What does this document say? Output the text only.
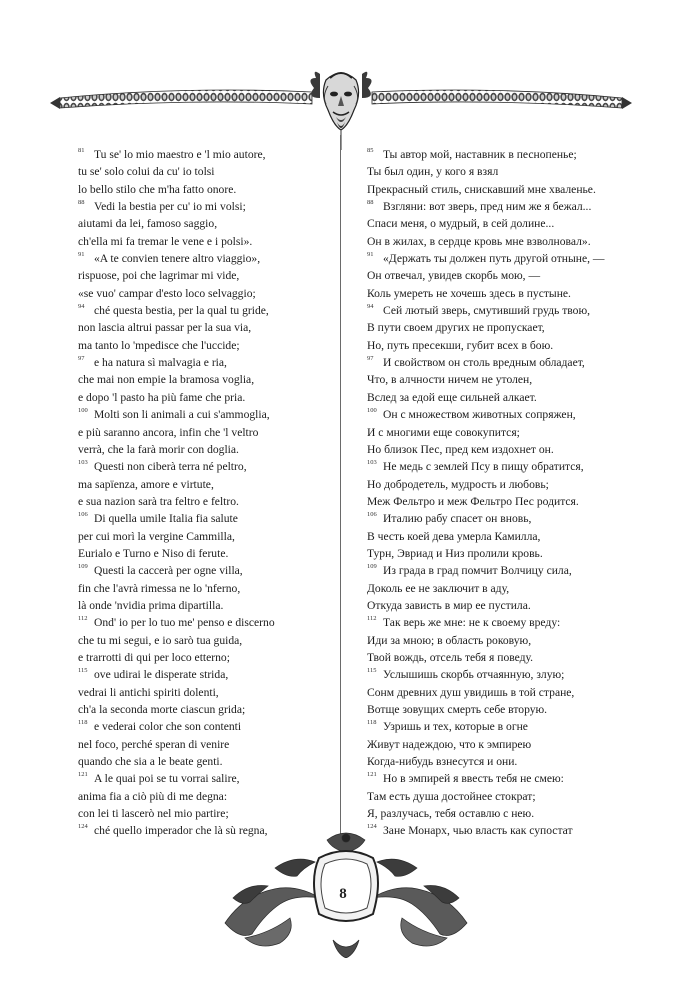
81 Tu se' lo mio maestro e 'l mio autore,
tu se' solo colui da cu' io tolsi
lo bello stilo che m'ha fatto onore.
88 Vedi la bestia per cu' io mi volsi;
aiutami da lei, famoso saggio,
ch'ella mi fa tremar le vene e i polsi».
91 «A te convien tenere altro viaggio»,
rispuose, poi che lagrimar mi vide,
«se vuo' campar d'esto loco selvaggio;
94 ché questa bestia, per la qual tu gride,
non lascia altrui passar per la sua via,
ma tanto lo 'mpedisce che l'uccide;
97 e ha natura sì malvagia e ria,
che mai non empie la bramosa voglia,
e dopo 'l pasto ha più fame che pria.
100 Molti son li animali a cui s'ammoglia,
e più saranno ancora, infin che 'l veltro
verrà, che la farà morir con doglia.
103 Questi non ciberà terra né peltro,
ma sapïenza, amore e virtute,
e sua nazion sarà tra feltro e feltro.
106 Di quella umile Italia fia salute
per cui morì la vergine Cammilla,
Eurialo e Turno e Niso di ferute.
109 Questi la caccerà per ogne villa,
fin che l'avrà rimessa ne lo 'nferno,
là onde 'nvidia prima dipartilla.
112 Ond' io per lo tuo me' penso e discerno
che tu mi segui, e io sarò tua guida,
e trarrotti di qui per loco etterno;
115 ove udirai le disperate strida,
vedrai li antichi spiriti dolenti,
ch'a la seconda morte ciascun grida;
118 e vederai color che son contenti
nel foco, perché speran di venire
quando che sia a le beate genti.
121 A le quai poi se tu vorrai salire,
anima fia a ciò più di me degna:
con lei ti lascerò nel mio partire;
124 ché quello imperador che là sù regna,
85 Ты автор мой, наставник в песнопенье;
Ты был один, у кого я взял
Прекрасный стиль, снискавший мне хваленье.
88 Взгляни: вот зверь, пред ним же я бежал...
Спаси меня, о мудрый, в сей долине...
Он в жилах, в сердце кровь мне взволновал».
91 «Держать ты должен путь другой отныне, —
Он отвечал, увидев скорбь мою, —
Коль умереть не хочешь здесь в пустыне.
94 Сей лютый зверь, смутивший грудь твою,
В пути своем других не пропускает,
Но, путь пресекши, губит всех в бою.
97 И свойством он столь вредным обладает,
Что, в алчности ничем не утолен,
Вслед за едой еще сильней алкает.
100 Он с множеством животных сопряжен,
И с многими еще совокупится;
Но близок Пес, пред кем издохнет он.
103 Не медь с землей Псу в пищу обратится,
Но добродетель, мудрость и любовь;
Меж Фельтро и меж Фельтро Пес родится.
106 Италию рабу спасет он вновь,
В честь коей дева умерла Камилла,
Турн, Эвриад и Низ пролили кровь.
109 Из града в град помчит Волчицу сила,
Доколь ее не заключит в аду,
Откуда зависть в мир ее пустила.
112 Так верь же мне: не к своему вреду:
Иди за мною; в область роковую,
Твой вождь, отсель тебя я поведу.
115 Услышишь скорбь отчаянную, злую;
Сонм древних душ увидишь в той стране,
Вотще зовущих смерть себе вторую.
118 Узришь и тех, которые в огне
Живут надеждою, что к эмпирею
Когда-нибудь взнесутся и они.
121 Но в эмпирей я ввесть тебя не смею:
Там есть душа достойнее стократ;
Я, разлучась, тебя оставлю с нею.
124 Зане Монарх, чью власть как супостат
8
